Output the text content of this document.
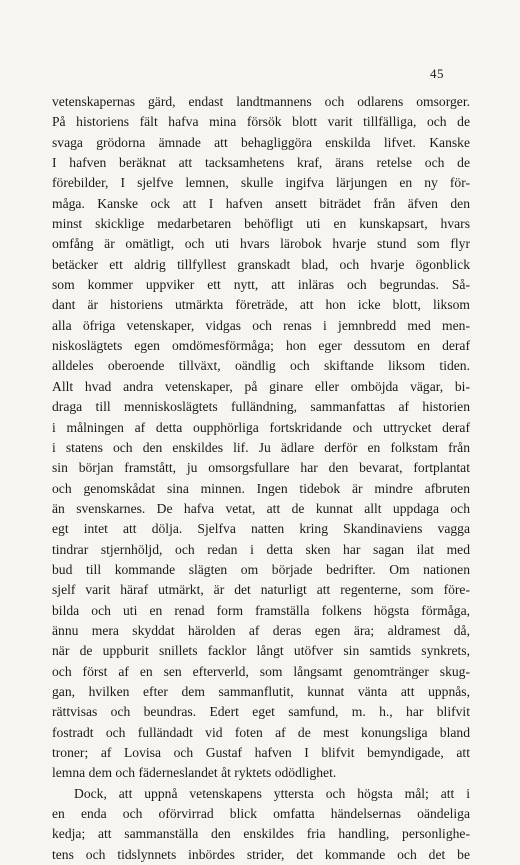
45
vetenskapernas gärd, endast landtmannens och odlarens omsorger.
På historiens fält hafva mina försök blott varit tillfälliga, och de
svaga grödorna ämnade att behagliggöra enskilda lifvet. Kanske
I hafven beräknat att tacksamhetens kraf, ärans retelse och de
förebilder, I sjelfve lemnen, skulle ingifva lärjungen en ny för-
måga. Kanske ock att I hafven ansett biträdet från äfven den
minst skicklige medarbetaren behöfligt uti en kunskapsart, hvars
omfång är omätligt, och uti hvars lärobok hvarje stund som flyr
betäcker ett aldrig tillfyllest granskadt blad, och hvarje ögonblick
som kommer uppviker ett nytt, att inläras och begrundas. Så-
dant är historiens utmärkta företräde, att hon icke blott, liksom
alla öfriga vetenskaper, vidgas och renas i jemnbredd med men-
niskoslägtets egen omdömesförmåga; hon eger dessutom en deraf
alldeles oberoende tillväxt, oändlig och skiftande liksom tiden.
Allt hvad andra vetenskaper, på ginare eller omböjda vägar, bi-
draga till menniskoslägtets fulländning, sammanfattas af historien
i målningen af detta oupphörliga fortskridande och uttrycket deraf
i statens och den enskildes lif. Ju ädlare derför en folkstam från
sin början framstått, ju omsorgsfullare har den bevarat, fortplantat
och genomskådat sina minnen. Ingen tidebok är mindre afbruten
än svenskarnes. De hafva vetat, att de kunnat allt uppdaga och
egt intet att dölja. Sjelfva natten kring Skandinaviens vagga
tindrar stjernhöljd, och redan i detta sken har sagan ilat med
bud till kommande slägten om började bedrifter. Om nationen
sjelf varit häraf utmärkt, är det naturligt att regenterne, som före-
bilda och uti en renad form framställa folkens högsta förmåga,
ännu mera skyddat härolden af deras egen ära; aldramest då,
när de uppburit snillets facklor långt utöfver sin samtids synkrets,
och först af en sen efterverld, som långsamt genomtränger skug-
gan, hvilken efter dem sammanflutit, kunnat vänta att uppnås,
rättvisas och beundras. Edert eget samfund, m. h., har blifvit
fostradt och fulländadt vid foten af de mest konungsliga bland
troner; af Lovisa och Gustaf hafven I blifvit bemyndigade, att
lemna dem och fäderneslandet åt ryktets odödlighet.
Dock, att uppnå vetenskapens yttersta och högsta mål; att i
en enda och oförvirrad blick omfatta händelsernas oändeliga
kedja; att sammanställa den enskildes fria handling, personlighe-
tens och tidslynnets inbördes strider, det kommande och det be
